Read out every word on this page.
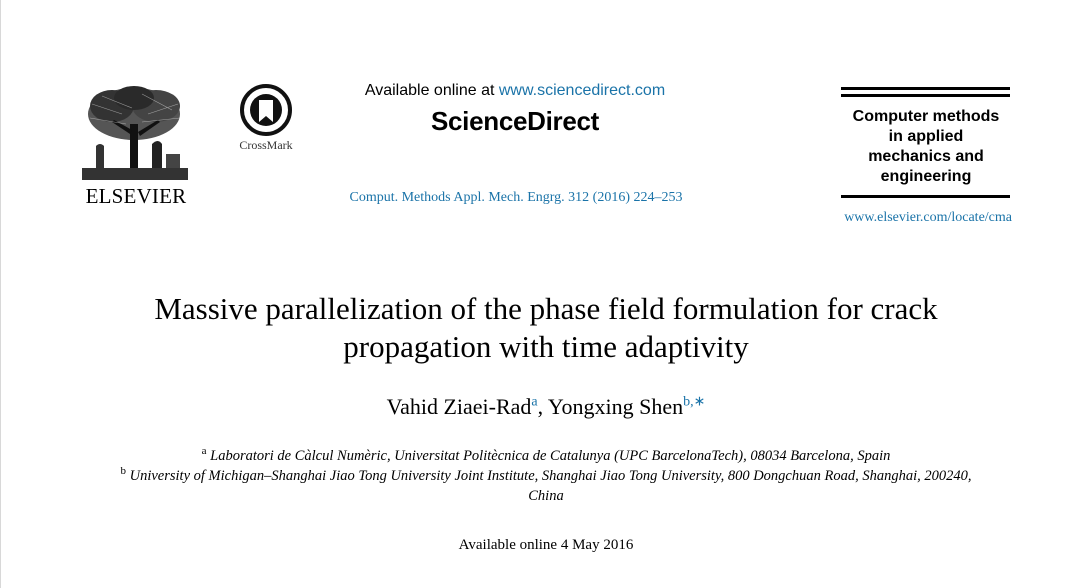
ELSEVIER
CrossMark
Available online at www.sciencedirect.com
ScienceDirect
Comput. Methods Appl. Mech. Engrg. 312 (2016) 224–253
Computer methods
in applied
mechanics and
engineering
www.elsevier.com/locate/cma
Massive parallelization of the phase field formulation for crack
propagation with time adaptivity
Vahid Ziaei-Rad$^a$, Yongxing Shen$^{b,∗}$
$^a$ Laboratori de Càlcul Numèric, Universitat Politècnica de Catalunya (UPC BarcelonaTech), 08034 Barcelona, Spain
$^b$ University of Michigan–Shanghai Jiao Tong University Joint Institute, Shanghai Jiao Tong University, 800 Dongchuan Road, Shanghai, 200240,
China
Available online 4 May 2016
